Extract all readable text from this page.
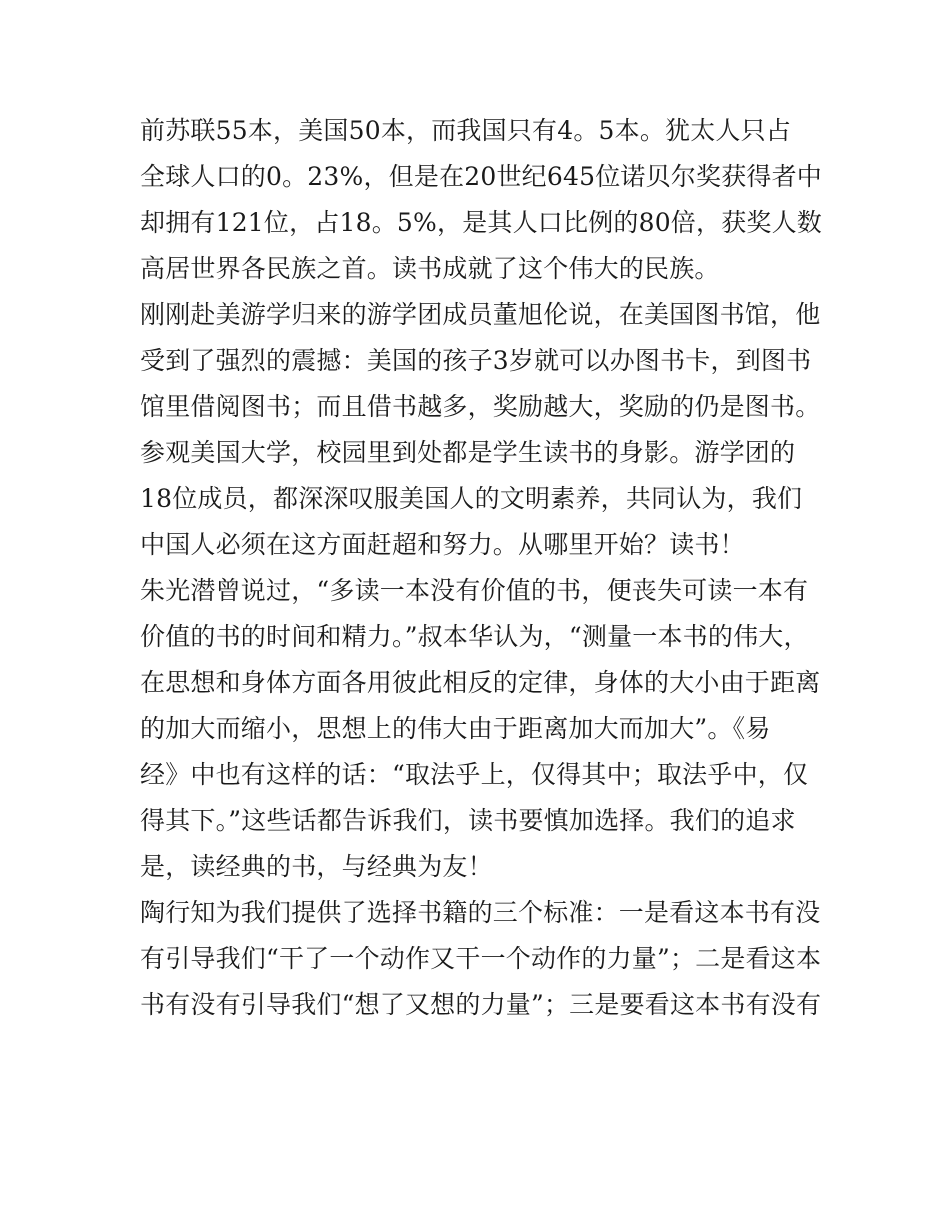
前苏联55本，美国50本，而我国只有4。5本。犹太人只占
全球人口的0。23%，但是在20世纪645位诺贝尔奖获得者中
却拥有121位，占18。5%，是其人口比例的80倍，获奖人数
高居世界各民族之首。读书成就了这个伟大的民族。
刚刚赴美游学归来的游学团成员董旭伦说，在美国图书馆，他
受到了强烈的震撼：美国的孩子3岁就可以办图书卡，到图书
馆里借阅图书；而且借书越多，奖励越大，奖励的仍是图书。
参观美国大学，校园里到处都是学生读书的身影。游学团的
18位成员，都深深叹服美国人的文明素养，共同认为，我们
中国人必须在这方面赶超和努力。从哪里开始？读书！
朱光潜曾说过，“多读一本没有价值的书，便丧失可读一本有
价值的书的时间和精力。”叔本华认为，“测量一本书的伟大，
在思想和身体方面各用彼此相反的定律，身体的大小由于距离
的加大而缩小，思想上的伟大由于距离加大而加大”。《易
经》中也有这样的话：“取法乎上，仅得其中；取法乎中，仅
得其下。”这些话都告诉我们，读书要慎加选择。我们的追求
是，读经典的书，与经典为友！
陶行知为我们提供了选择书籍的三个标准：一是看这本书有没
有引导我们“干了一个动作又干一个动作的力量”；二是看这本
书有没有引导我们“想了又想的力量”；三是要看这本书有没有
